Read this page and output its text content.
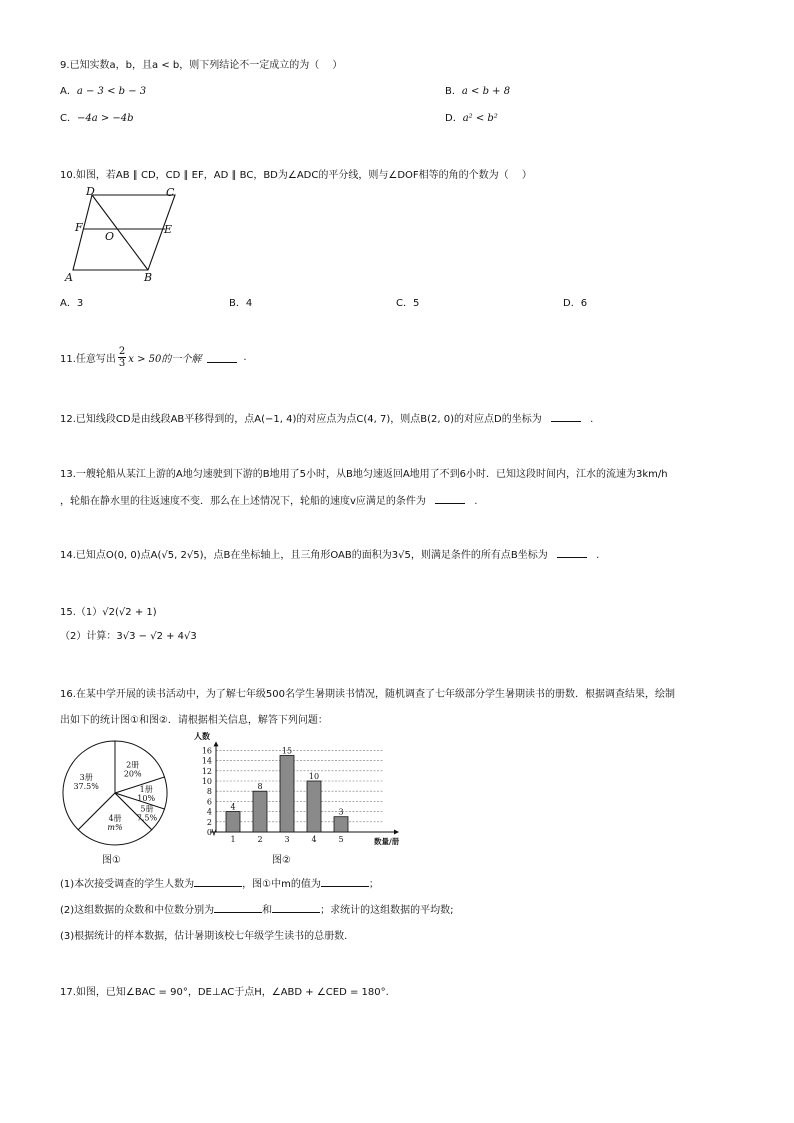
9.已知实数a，b，且a < b，则下列结论不一定成立的为（　 ）
A．a − 3 < b − 3	B．a < b + 8
C．−4a > −4b	D．a² < b²
10.如图，若AB ∥ CD，CD ∥ EF，AD ∥ BC，BD为∠ADC的平分线，则与∠DOF相等的角的个数为（　 ）
D	C
F
O
E
A	B
A．3	B．4	C．5	D．6
11.任意写出
2
3 x > 50的一个解	.
12.已知线段CD是由线段AB平移得到的，点A(−1, 4)的对应点为点C(4, 7)，则点B(2, 0)的对应点D的坐标为	.
13.一艘轮船从某江上游的A地匀速驶到下游的B地用了5小时，从B地匀速返回A地用了不到6小时．已知这段时间内，江水的流速为3km/h
，轮船在静水里的往返速度不变．那么在上述情况下，轮船的速度v应满足的条件为	.
14.已知点O(0, 0)点A(√5, 2√5)，点B在坐标轴上，且三角形OAB的面积为3√5，则满足条件的所有点B坐标为	.
15.（1）√2(√2 + 1)
（2）计算：3√3 − √2 + 4√3
16.在某中学开展的读书活动中，为了解七年级500名学生暑期读书情况，随机调查了七年级部分学生暑期读书的册数．根据调查结果，绘制
出如下的统计图①和图②．请根据相关信息，解答下列问题：
1册
10%
2册
20%
3册
37.5%
4册
m%
5册
7.5%
图①
0
2
4
6
8
10
12
14
16
4
1
8
2
15
3
10
4
3
5
人数
数量/册
图②
(1)本次接受调查的学生人数为	，图①中m的值为	；
(2)这组数据的众数和中位数分别为	和	；求统计的这组数据的平均数;
(3)根据统计的样本数据，估计暑期该校七年级学生读书的总册数.
17.如图，已知∠BAC = 90°，DE⊥AC于点H，∠ABD + ∠CED = 180°.
